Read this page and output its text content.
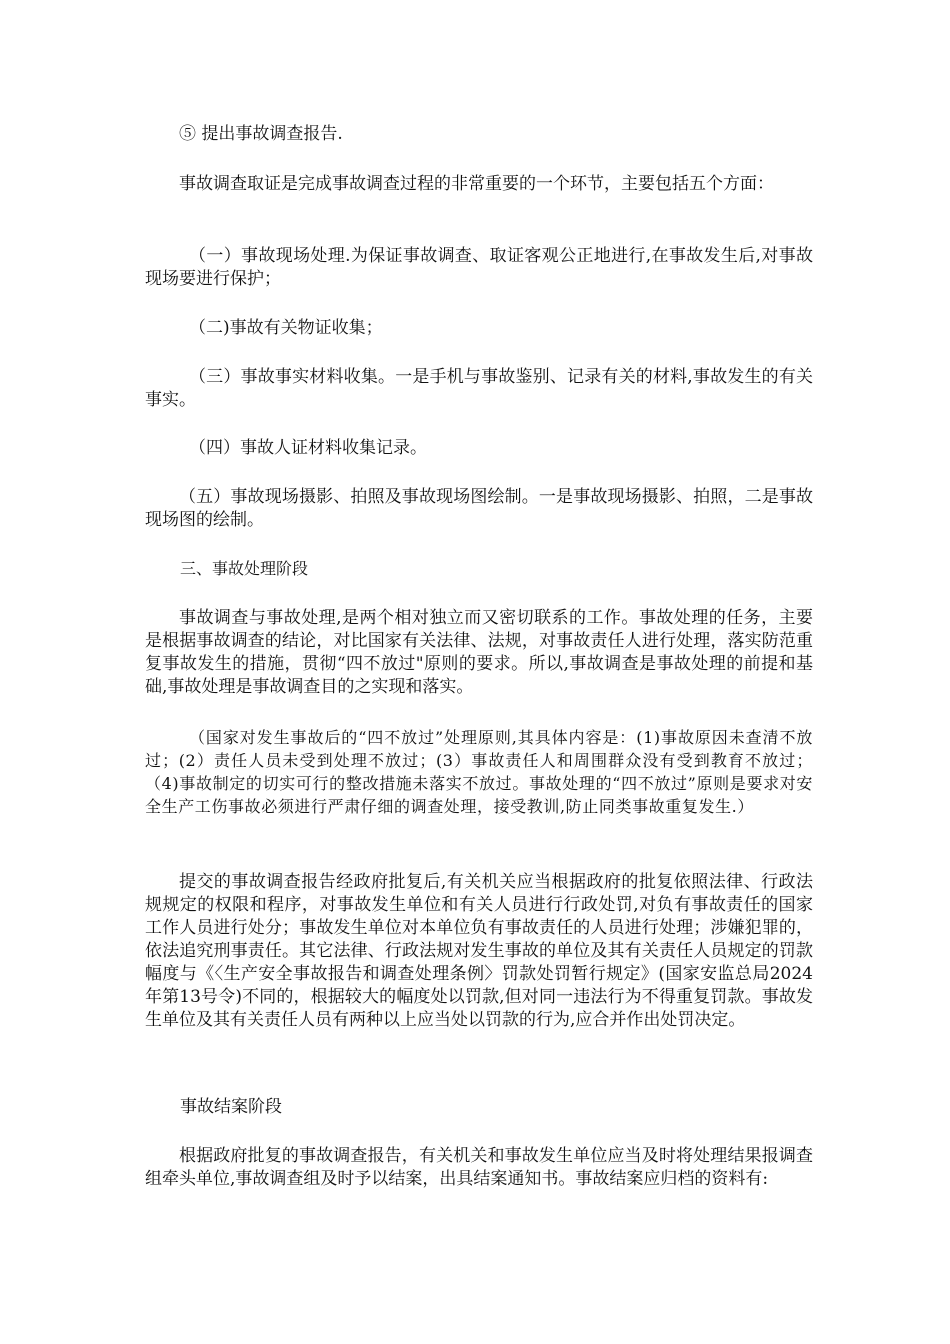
⑤ 提出事故调查报告.

事故调查取证是完成事故调查过程的非常重要的一个环节，主要包括五个方面：

（一）事故现场处理.为保证事故调查、取证客观公正地进行,在事故发生后,对事故现场要进行保护；

（二)事故有关物证收集；

（三）事故事实材料收集。一是手机与事故鉴别、记录有关的材料,事故发生的有关事实。

（四）事故人证材料收集记录。

（五）事故现场摄影、拍照及事故现场图绘制。一是事故现场摄影、拍照，二是事故现场图的绘制。

三、事故处理阶段

事故调查与事故处理,是两个相对独立而又密切联系的工作。事故处理的任务，主要是根据事故调查的结论，对比国家有关法律、法规，对事故责任人进行处理，落实防范重复事故发生的措施，贯彻“四不放过"原则的要求。所以,事故调查是事故处理的前提和基础,事故处理是事故调查目的之实现和落实。

（国家对发生事故后的“四不放过”处理原则,其具体内容是：(1)事故原因未查清不放过；(2）责任人员未受到处理不放过；(3）事故责任人和周围群众没有受到教育不放过；（4)事故制定的切实可行的整改措施未落实不放过。事故处理的“四不放过”原则是要求对安全生产工伤事故必须进行严肃仔细的调查处理，接受教训,防止同类事故重复发生.）

提交的事故调查报告经政府批复后,有关机关应当根据政府的批复依照法律、行政法规规定的权限和程序，对事故发生单位和有关人员进行行政处罚,对负有事故责任的国家工作人员进行处分；事故发生单位对本单位负有事故责任的人员进行处理；涉嫌犯罪的，依法追究刑事责任。其它法律、行政法规对发生事故的单位及其有关责任人员规定的罚款幅度与《〈生产安全事故报告和调查处理条例〉罚款处罚暂行规定》(国家安监总局2024年第13号令)不同的，根据较大的幅度处以罚款,但对同一违法行为不得重复罚款。事故发生单位及其有关责任人员有两种以上应当处以罚款的行为,应合并作出处罚决定。

事故结案阶段

根据政府批复的事故调查报告，有关机关和事故发生单位应当及时将处理结果报调查组牵头单位,事故调查组及时予以结案，出具结案通知书。事故结案应归档的资料有:
